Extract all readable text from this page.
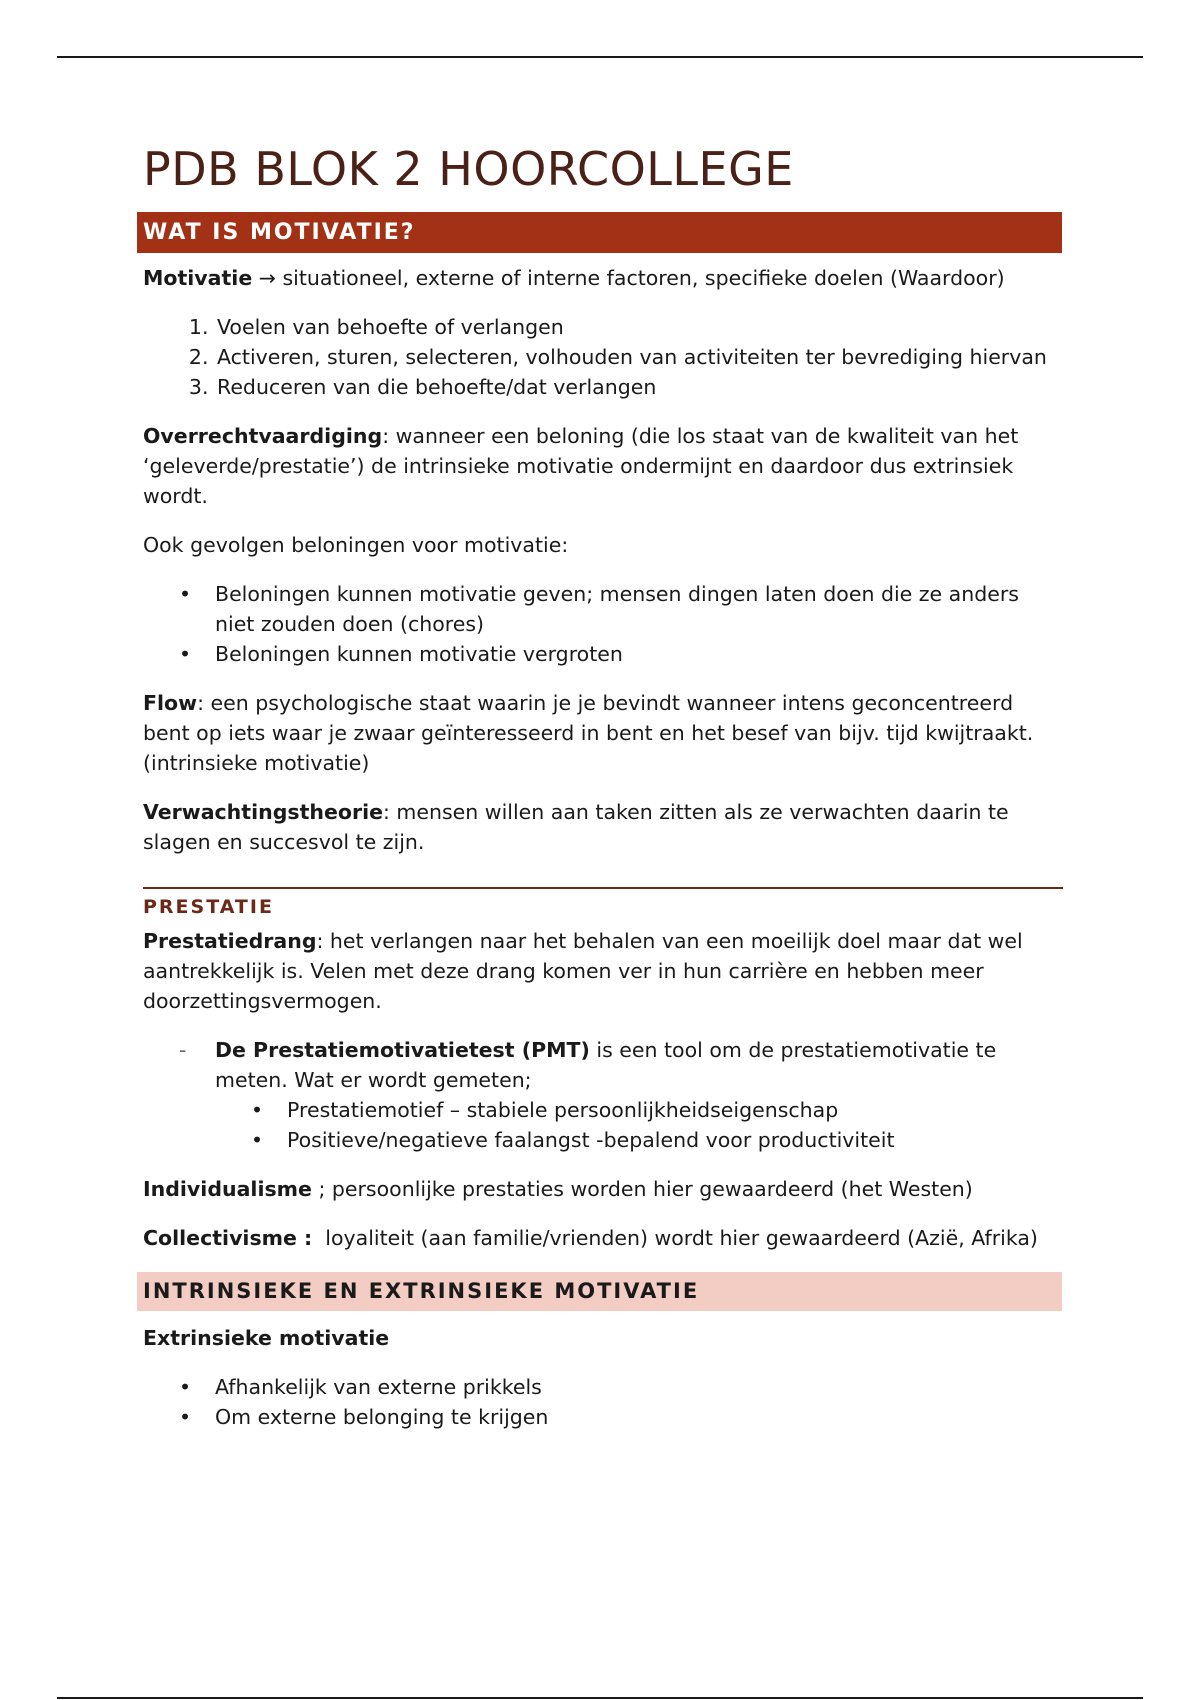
PDB BLOK 2 HOORCOLLEGE
WAT IS MOTIVATIE?

Motivatie → situationeel, externe of interne factoren, specifieke doelen (Waardoor)

1. Voelen van behoefte of verlangen
2. Activeren, sturen, selecteren, volhouden van activiteiten ter bevrediging hiervan
3. Reduceren van die behoefte/dat verlangen

Overrechtvaardiging: wanneer een beloning (die los staat van de kwaliteit van het ‘geleverde/prestatie’) de intrinsieke motivatie ondermijnt en daardoor dus extrinsiek wordt.

Ook gevolgen beloningen voor motivatie:

• Beloningen kunnen motivatie geven; mensen dingen laten doen die ze anders niet zouden doen (chores)
• Beloningen kunnen motivatie vergroten

Flow: een psychologische staat waarin je je bevindt wanneer intens geconcentreerd bent op iets waar je zwaar geïnteresseerd in bent en het besef van bijv. tijd kwijtraakt. (intrinsieke motivatie)

Verwachtingstheorie: mensen willen aan taken zitten als ze verwachten daarin te slagen en succesvol te zijn.

PRESTATIE

Prestatiedrang: het verlangen naar het behalen van een moeilijk doel maar dat wel aantrekkelijk is. Velen met deze drang komen ver in hun carrière en hebben meer doorzettingsvermogen.

- De Prestatiemotivatietest (PMT) is een tool om de prestatiemotivatie te meten. Wat er wordt gemeten;
• Prestatiemotief – stabiele persoonlijkheidseigenschap
• Positieve/negatieve faalangst -bepalend voor productiviteit

Individualisme ; persoonlijke prestaties worden hier gewaardeerd (het Westen)

Collectivisme :  loyaliteit (aan familie/vrienden) wordt hier gewaardeerd (Azië, Afrika)

INTRINSIEKE EN EXTRINSIEKE MOTIVATIE

Extrinsieke motivatie

• Afhankelijk van externe prikkels
• Om externe belonging te krijgen
